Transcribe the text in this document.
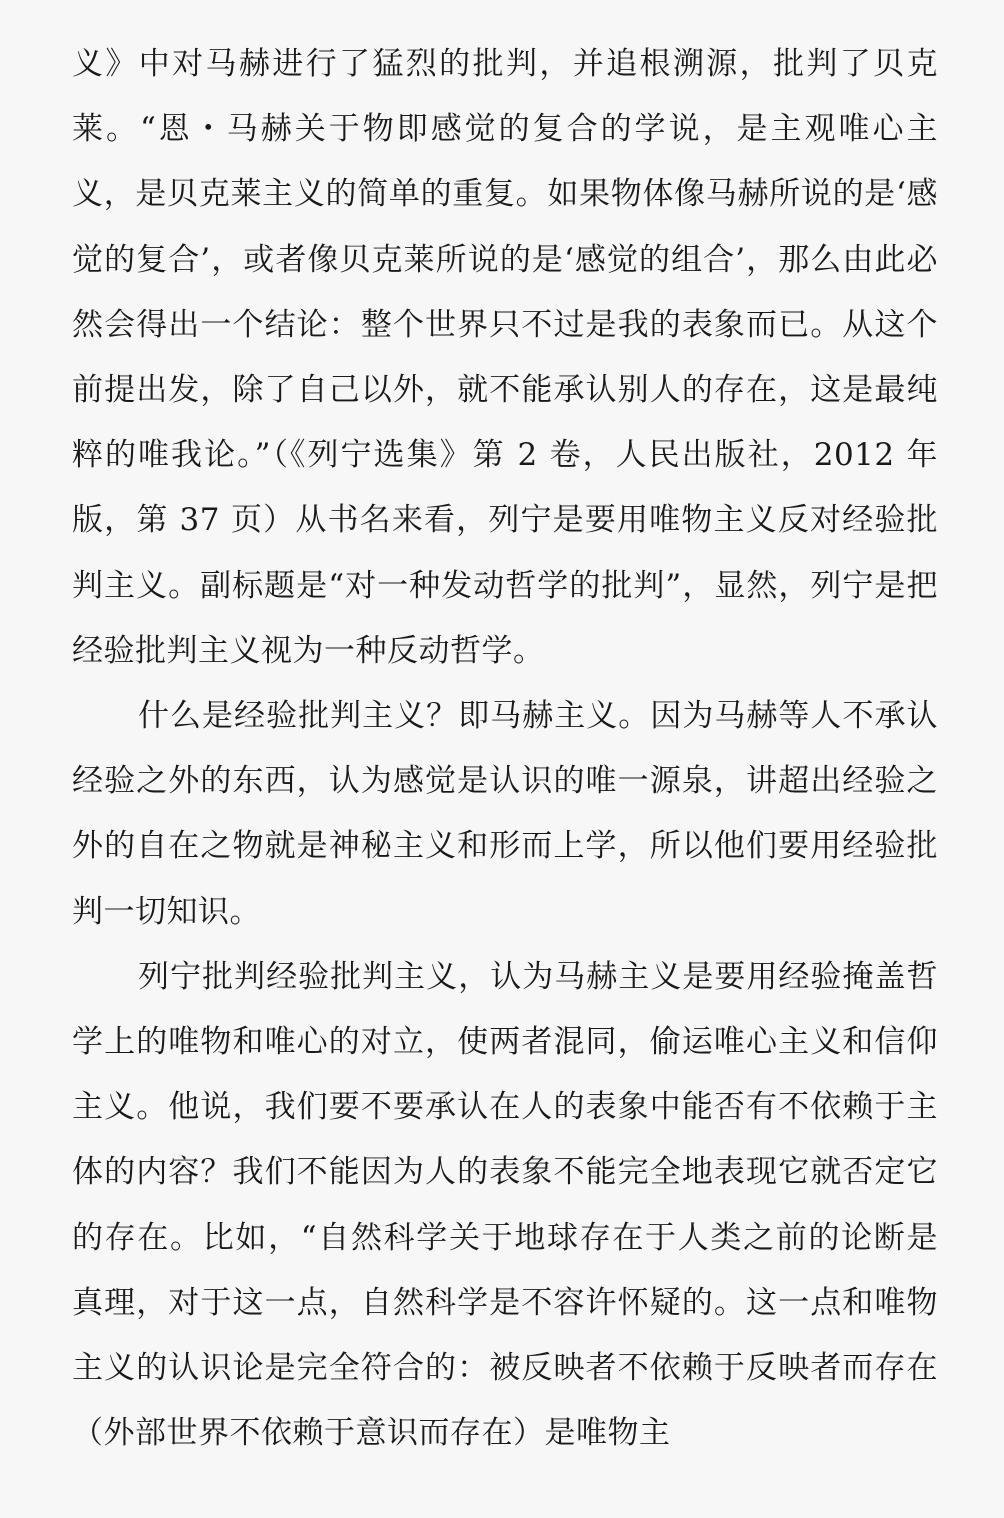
义》中对马赫进行了猛烈的批判，并追根溯源，批判了贝克莱。“恩・马赫关于物即感觉的复合的学说，是主观唯心主义，是贝克莱主义的简单的重复。如果物体像马赫所说的是‘感觉的复合’，或者像贝克莱所说的是‘感觉的组合’，那么由此必然会得出一个结论：整个世界只不过是我的表象而已。从这个前提出发，除了自己以外，就不能承认别人的存在，这是最纯粹的唯我论。”（《列宁选集》第 2 卷，人民出版社，2012 年版，第 37 页）从书名来看，列宁是要用唯物主义反对经验批判主义。副标题是“对一种发动哲学的批判”，显然，列宁是把经验批判主义视为一种反动哲学。

什么是经验批判主义？即马赫主义。因为马赫等人不承认经验之外的东西，认为感觉是认识的唯一源泉，讲超出经验之外的自在之物就是神秘主义和形而上学，所以他们要用经验批判一切知识。

列宁批判经验批判主义，认为马赫主义是要用经验掩盖哲学上的唯物和唯心的对立，使两者混同，偷运唯心主义和信仰主义。他说，我们要不要承认在人的表象中能否有不依赖于主体的内容？我们不能因为人的表象不能完全地表现它就否定它的存在。比如，“自然科学关于地球存在于人类之前的论断是真理，对于这一点，自然科学是不容许怀疑的。这一点和唯物主义的认识论是完全符合的：被反映者不依赖于反映者而存在（外部世界不依赖于意识而存在）是唯物主
